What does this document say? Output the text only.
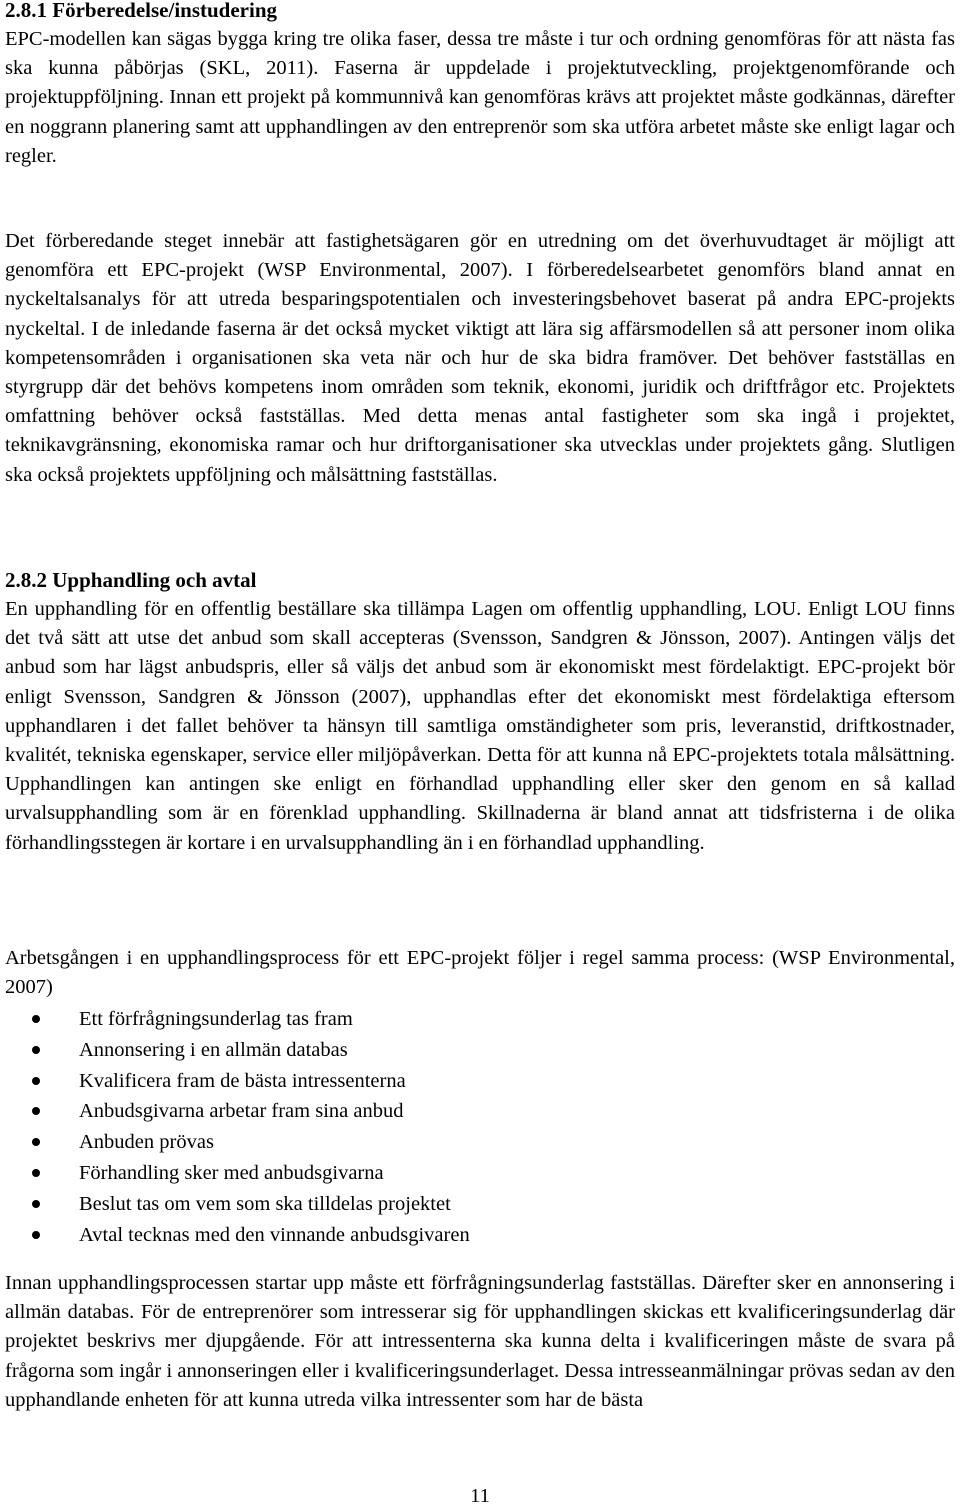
2.8.1 Förberedelse/instudering

EPC-modellen kan sägas bygga kring tre olika faser, dessa tre måste i tur och ordning genomföras för att nästa fas ska kunna påbörjas (SKL, 2011). Faserna är uppdelade i projektutveckling, projektgenomförande och projektuppföljning. Innan ett projekt på kommunnivå kan genomföras krävs att projektet måste godkännas, därefter en noggrann planering samt att upphandlingen av den entreprenör som ska utföra arbetet måste ske enligt lagar och regler.

Det förberedande steget innebär att fastighetsägaren gör en utredning om det överhuvudtaget är möjligt att genomföra ett EPC-projekt (WSP Environmental, 2007). I förberedelsearbetet genomförs bland annat en nyckeltalsanalys för att utreda besparingspotentialen och investeringsbehovet baserat på andra EPC-projekts nyckeltal. I de inledande faserna är det också mycket viktigt att lära sig affärsmodellen så att personer inom olika kompetensområden i organisationen ska veta när och hur de ska bidra framöver. Det behöver fastställas en styrgrupp där det behövs kompetens inom områden som teknik, ekonomi, juridik och driftfrågor etc. Projektets omfattning behöver också fastställas. Med detta menas antal fastigheter som ska ingå i projektet, teknikavgränsning, ekonomiska ramar och hur driftorganisationer ska utvecklas under projektets gång. Slutligen ska också projektets uppföljning och målsättning fastställas.

2.8.2 Upphandling och avtal

En upphandling för en offentlig beställare ska tillämpa Lagen om offentlig upphandling, LOU. Enligt LOU finns det två sätt att utse det anbud som skall accepteras (Svensson, Sandgren & Jönsson, 2007). Antingen väljs det anbud som har lägst anbudspris, eller så väljs det anbud som är ekonomiskt mest fördelaktigt. EPC-projekt bör enligt Svensson, Sandgren & Jönsson (2007), upphandlas efter det ekonomiskt mest fördelaktiga eftersom upphandlaren i det fallet behöver ta hänsyn till samtliga omständigheter som pris, leveranstid, driftkostnader, kvalitét, tekniska egenskaper, service eller miljöpåverkan. Detta för att kunna nå EPC-projektets totala målsättning. Upphandlingen kan antingen ske enligt en förhandlad upphandling eller sker den genom en så kallad urvalsupphandling som är en förenklad upphandling. Skillnaderna är bland annat att tidsfristerna i de olika förhandlingsstegen är kortare i en urvalsupphandling än i en förhandlad upphandling.

Arbetsgången i en upphandlingsprocess för ett EPC-projekt följer i regel samma process: (WSP Environmental, 2007)

Ett förfrågningsunderlag tas fram
Annonsering i en allmän databas
Kvalificera fram de bästa intressenterna
Anbudsgivarna arbetar fram sina anbud
Anbuden prövas
Förhandling sker med anbudsgivarna
Beslut tas om vem som ska tilldelas projektet
Avtal tecknas med den vinnande anbudsgivaren

Innan upphandlingsprocessen startar upp måste ett förfrågningsunderlag fastställas. Därefter sker en annonsering i allmän databas. För de entreprenörer som intresserar sig för upphandlingen skickas ett kvalificeringsunderlag där projektet beskrivs mer djupgående. För att intressenterna ska kunna delta i kvalificeringen måste de svara på frågorna som ingår i annonseringen eller i kvalificeringsunderlaget. Dessa intresseanmälningar prövas sedan av den upphandlande enheten för att kunna utreda vilka intressenter som har de bästa

11
